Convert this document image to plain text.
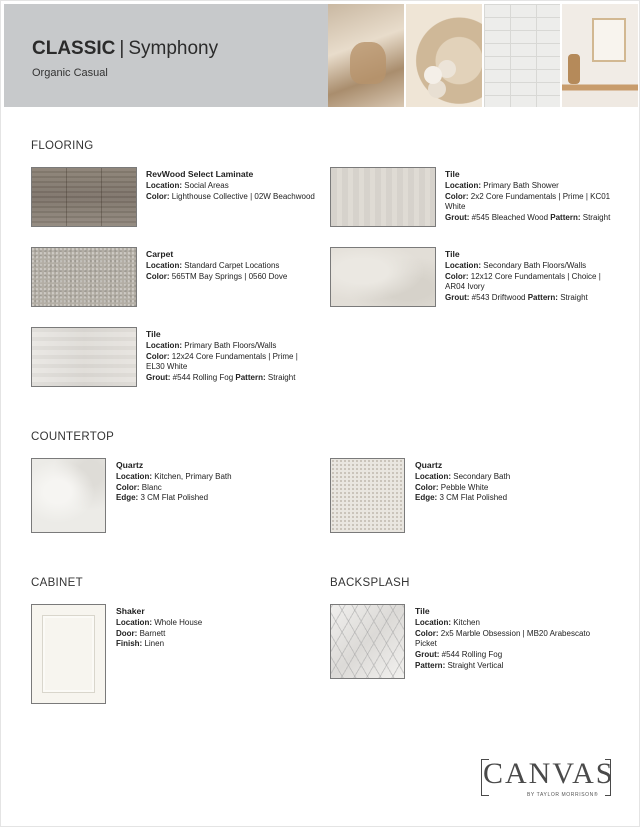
CLASSIC | Symphony
Organic Casual
FLOORING
RevWood Select Laminate
Location: Social Areas
Color: Lighthouse Collective | 02W Beachwood
Tile
Location: Primary Bath Shower
Color: 2x2 Core Fundamentals | Prime | KC01 White
Grout: #545 Bleached Wood Pattern: Straight
Carpet
Location: Standard Carpet Locations
Color: 565TM Bay Springs | 0560 Dove
Tile
Location: Secondary Bath Floors/Walls
Color: 12x12 Core Fundamentals | Choice | AR04 Ivory
Grout: #543 Driftwood Pattern: Straight
Tile
Location: Primary Bath Floors/Walls
Color: 12x24 Core Fundamentals | Prime | EL30 White
Grout: #544 Rolling Fog Pattern: Straight
COUNTERTOP
Quartz
Location: Kitchen, Primary Bath
Color: Blanc
Edge: 3 CM Flat Polished
Quartz
Location: Secondary Bath
Color: Pebble White
Edge: 3 CM Flat Polished
CABINET
Shaker
Location: Whole House
Door: Barnett
Finish: Linen
BACKSPLASH
Tile
Location: Kitchen
Color: 2x5 Marble Obsession | MB20 Arabescato Picket
Grout: #544 Rolling Fog
Pattern: Straight Vertical
CANVAS
BY TAYLOR MORRISON®
